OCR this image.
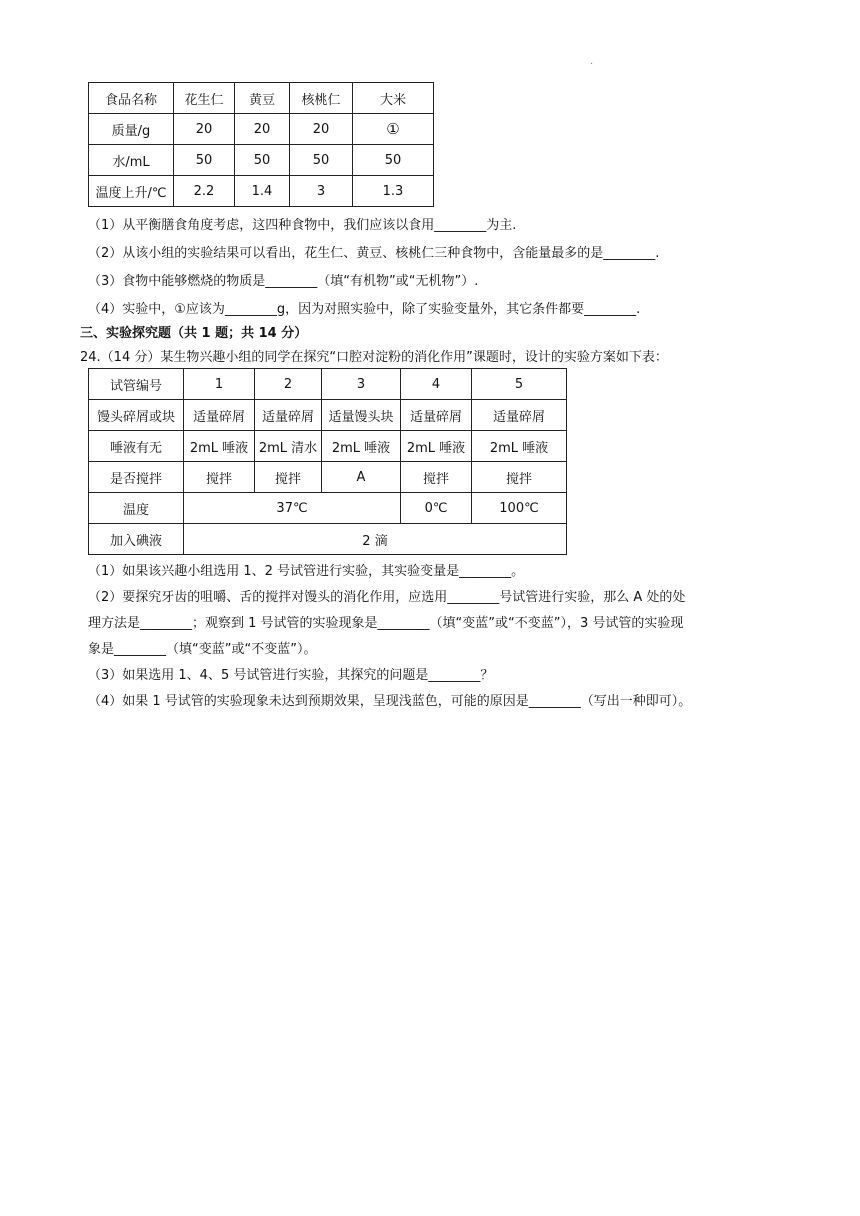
.
食品名称	花生仁	黄豆	核桃仁	大米
质量/g	20	20	20	①
水/mL	50	50	50	50
温度上升/℃	2.2	1.4	3	1.3
（1）从平衡膳食角度考虑，这四种食物中，我们应该以食用________为主.
（2）从该小组的实验结果可以看出，花生仁、黄豆、核桃仁三种食物中，含能量最多的是________.
（3）食物中能够燃烧的物质是________（填“有机物”或“无机物”）.
（4）实验中，①应该为________g，因为对照实验中，除了实验变量外，其它条件都要________.
三、实验探究题（共 1 题；共 14 分）
24.（14 分）某生物兴趣小组的同学在探究“口腔对淀粉的消化作用”课题时，设计的实验方案如下表：
试管编号	1	2	3	4	5
馒头碎屑或块	适量碎屑	适量碎屑	适量馒头块	适量碎屑	适量碎屑
唾液有无	2mL 唾液	2mL 清水	2mL 唾液	2mL 唾液	2mL 唾液
是否搅拌	搅拌	搅拌	A	搅拌	搅拌
温度	37℃			0℃	100℃
加入碘液	2 滴				
（1）如果该兴趣小组选用 1、2 号试管进行实验，其实验变量是________。
（2）要探究牙齿的咀嚼、舌的搅拌对馒头的消化作用，应选用________号试管进行实验，那么 A 处的处
理方法是________；观察到 1 号试管的实验现象是________（填“变蓝”或“不变蓝”），3 号试管的实验现
象是________（填“变蓝”或“不变蓝”）。
（3）如果选用 1、4、5 号试管进行实验，其探究的问题是________？
（4）如果 1 号试管的实验现象未达到预期效果，呈现浅蓝色，可能的原因是________（写出一种即可）。
